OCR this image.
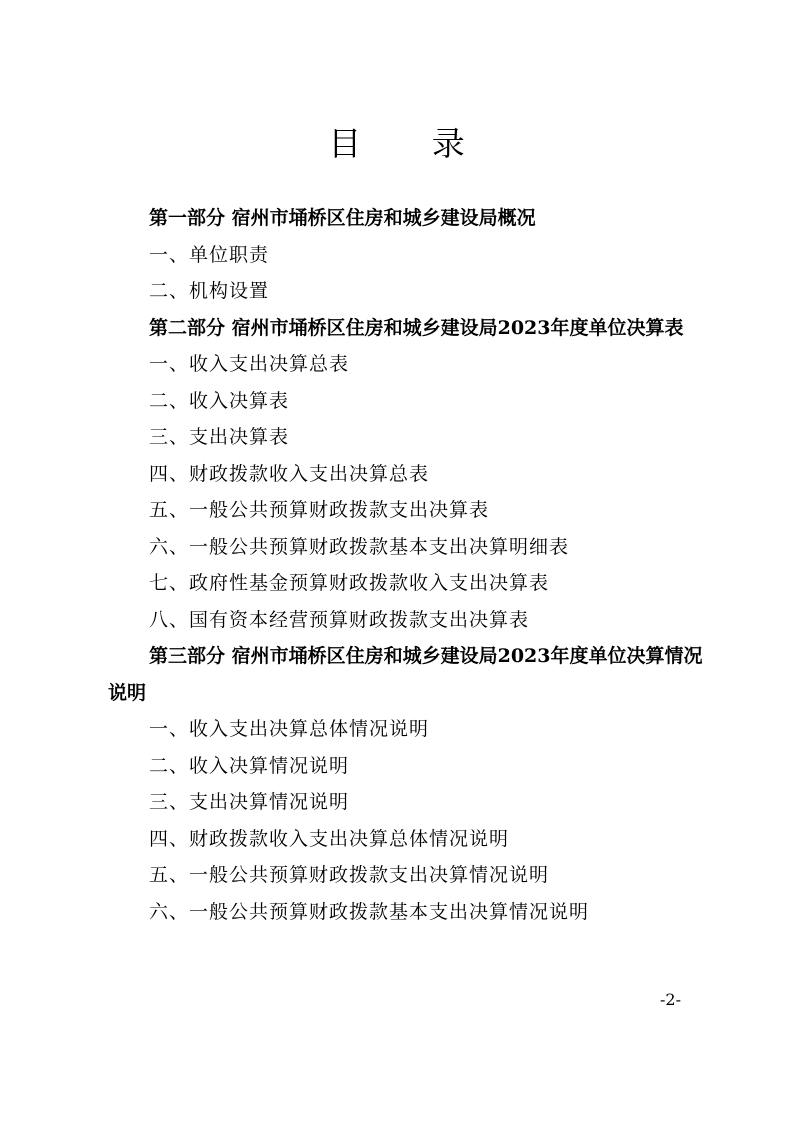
目 录

第一部分 宿州市埇桥区住房和城乡建设局概况

一、单位职责

二、机构设置

第二部分 宿州市埇桥区住房和城乡建设局2023年度单位决算表

一、收入支出决算总表

二、收入决算表

三、支出决算表

四、财政拨款收入支出决算总表

五、一般公共预算财政拨款支出决算表

六、一般公共预算财政拨款基本支出决算明细表

七、政府性基金预算财政拨款收入支出决算表

八、国有资本经营预算财政拨款支出决算表

第三部分 宿州市埇桥区住房和城乡建设局2023年度单位决算情况说明

一、收入支出决算总体情况说明

二、收入决算情况说明

三、支出决算情况说明

四、财政拨款收入支出决算总体情况说明

五、一般公共预算财政拨款支出决算情况说明

六、一般公共预算财政拨款基本支出决算情况说明

-2-
